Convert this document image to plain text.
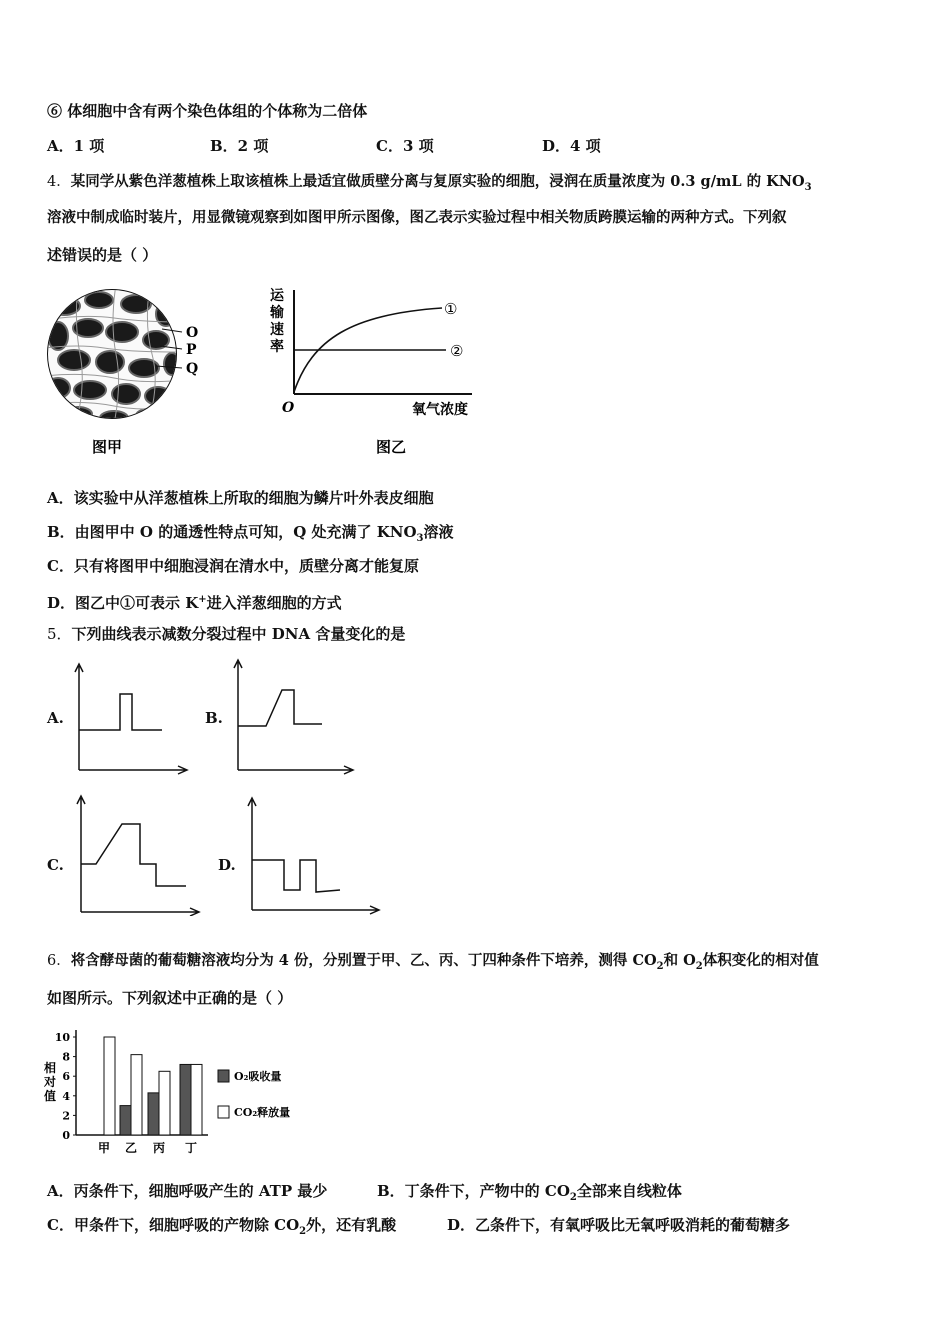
⑥ 体细胞中含有两个染色体组的个体称为二倍体
A．1 项	B．2 项	C．3 项	D．4 项
4．某同学从紫色洋葱植株上取该植株上最适宜做质壁分离与复原实验的细胞，浸润在质量浓度为 0.3 g/mL 的 $KNO_3$
溶液中制成临时装片，用显微镜观察到如图甲所示图像，图乙表示实验过程中相关物质跨膜运输的两种方式。下列叙
述错误的是（ ）
O
P
Q
图甲
运 输 速 率
①
②
O	氧气浓度
图乙
A．该实验中从洋葱植株上所取的细胞为鳞片叶外表皮细胞
B．由图甲中 O 的通透性特点可知，Q 处充满了 $KNO_3$溶液
C．只有将图甲中细胞浸润在清水中，质壁分离才能复原
D．图乙中①可表示 K+进入洋葱细胞的方式
5．下列曲线表示减数分裂过程中 DNA 含量变化的是
A.	B.
C.	D.
6．将含酵母菌的葡萄糖溶液均分为 4 份，分别置于甲、乙、丙、丁四种条件下培养，测得 $CO_2$和 $O_2$体积变化的相对值
如图所示。下列叙述中正确的是（ ）
相 对 值
0
2
4
6
8
10
甲 乙 丙 丁
O₂吸收量
CO₂释放量
A．丙条件下，细胞呼吸产生的 ATP 最少	B．丁条件下，产物中的 $CO_2$全部来自线粒体
C．甲条件下，细胞呼吸的产物除 $CO_2$外，还有乳酸	D．乙条件下，有氧呼吸比无氧呼吸消耗的葡萄糖多
